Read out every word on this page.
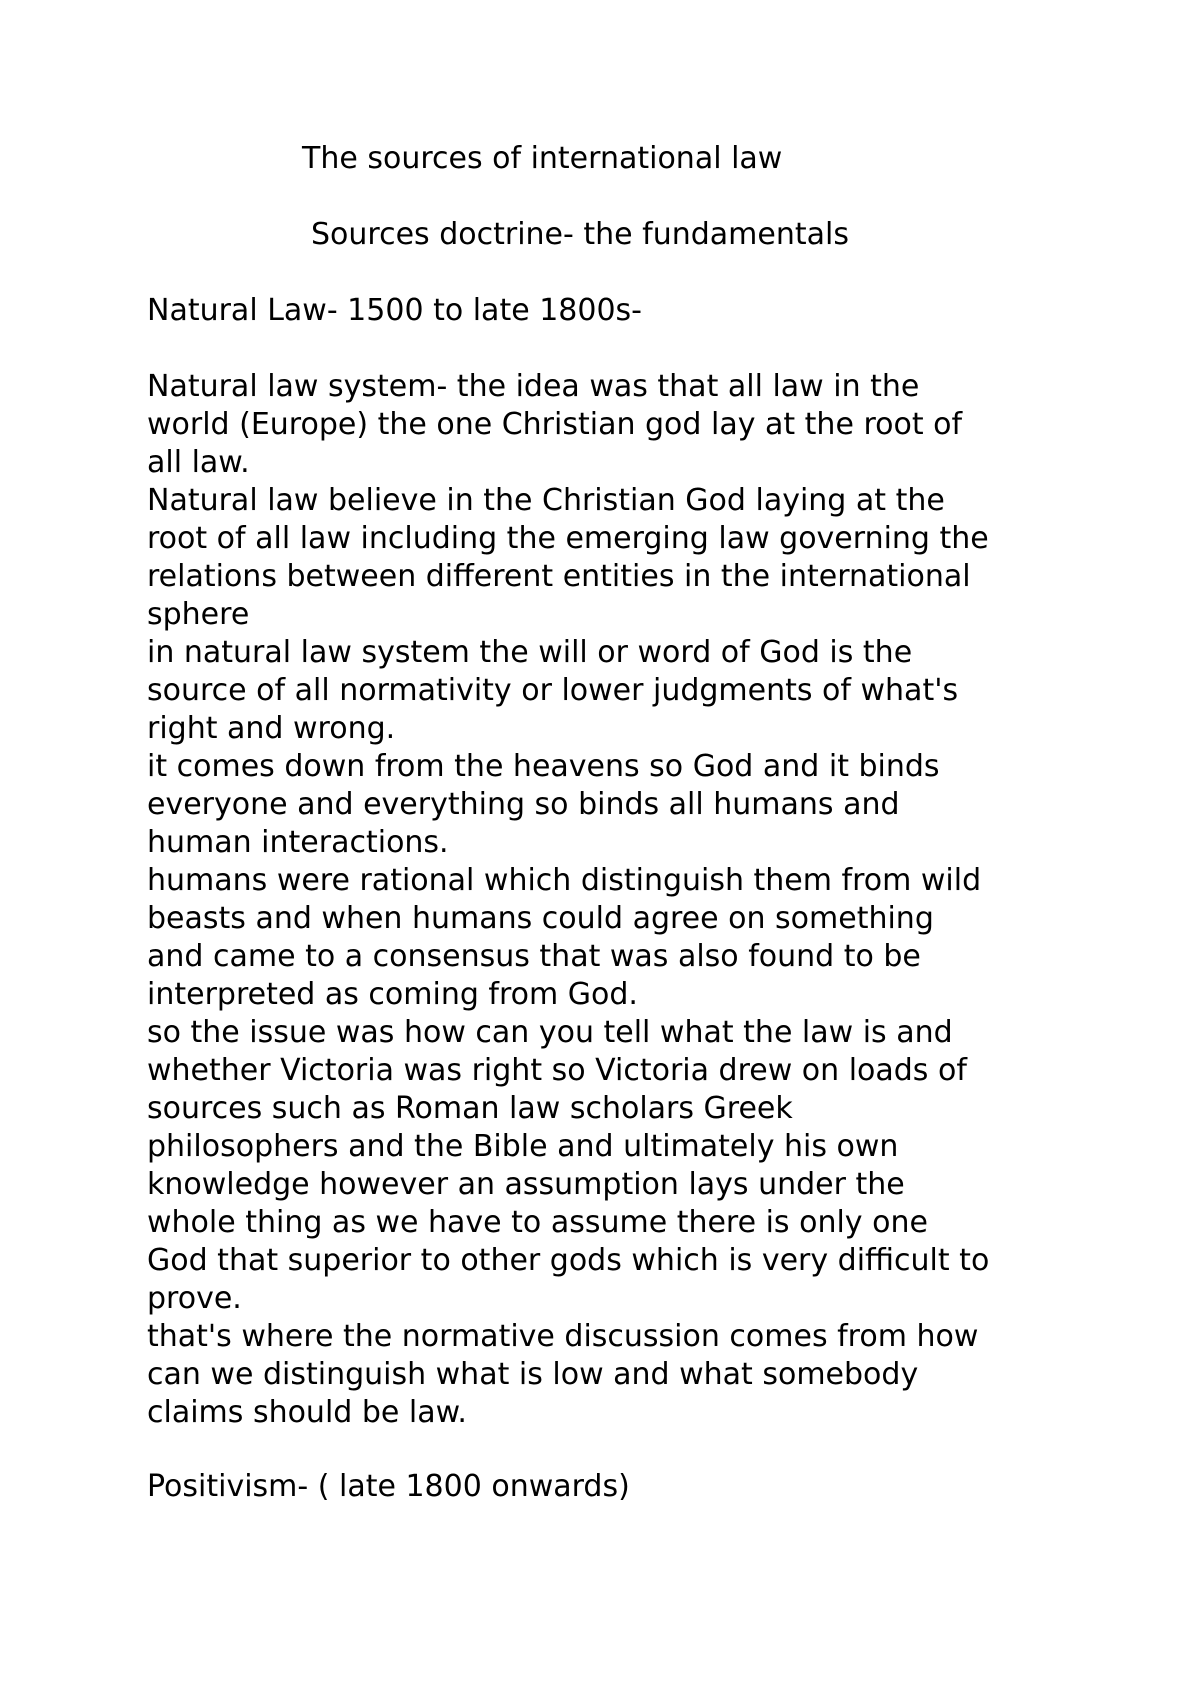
The sources of international law
Sources doctrine- the fundamentals
Natural Law- 1500 to late 1800s-
Natural law system- the idea was that all law in the
world (Europe) the one Christian god lay at the root of
all law.
Natural law believe in the Christian God laying at the
root of all law including the emerging law governing the
relations between different entities in the international
sphere
in natural law system the will or word of God is the
source of all normativity or lower judgments of what's
right and wrong.
it comes down from the heavens so God and it binds
everyone and everything so binds all humans and
human interactions.
humans were rational which distinguish them from wild
beasts and when humans could agree on something
and came to a consensus that was also found to be
interpreted as coming from God.
so the issue was how can you tell what the law is and
whether Victoria was right so Victoria drew on loads of
sources such as Roman law scholars Greek
philosophers and the Bible and ultimately his own
knowledge however an assumption lays under the
whole thing as we have to assume there is only one
God that superior to other gods which is very difficult to
prove.
that's where the normative discussion comes from how
can we distinguish what is low and what somebody
claims should be law.
Positivism- ( late 1800 onwards)
